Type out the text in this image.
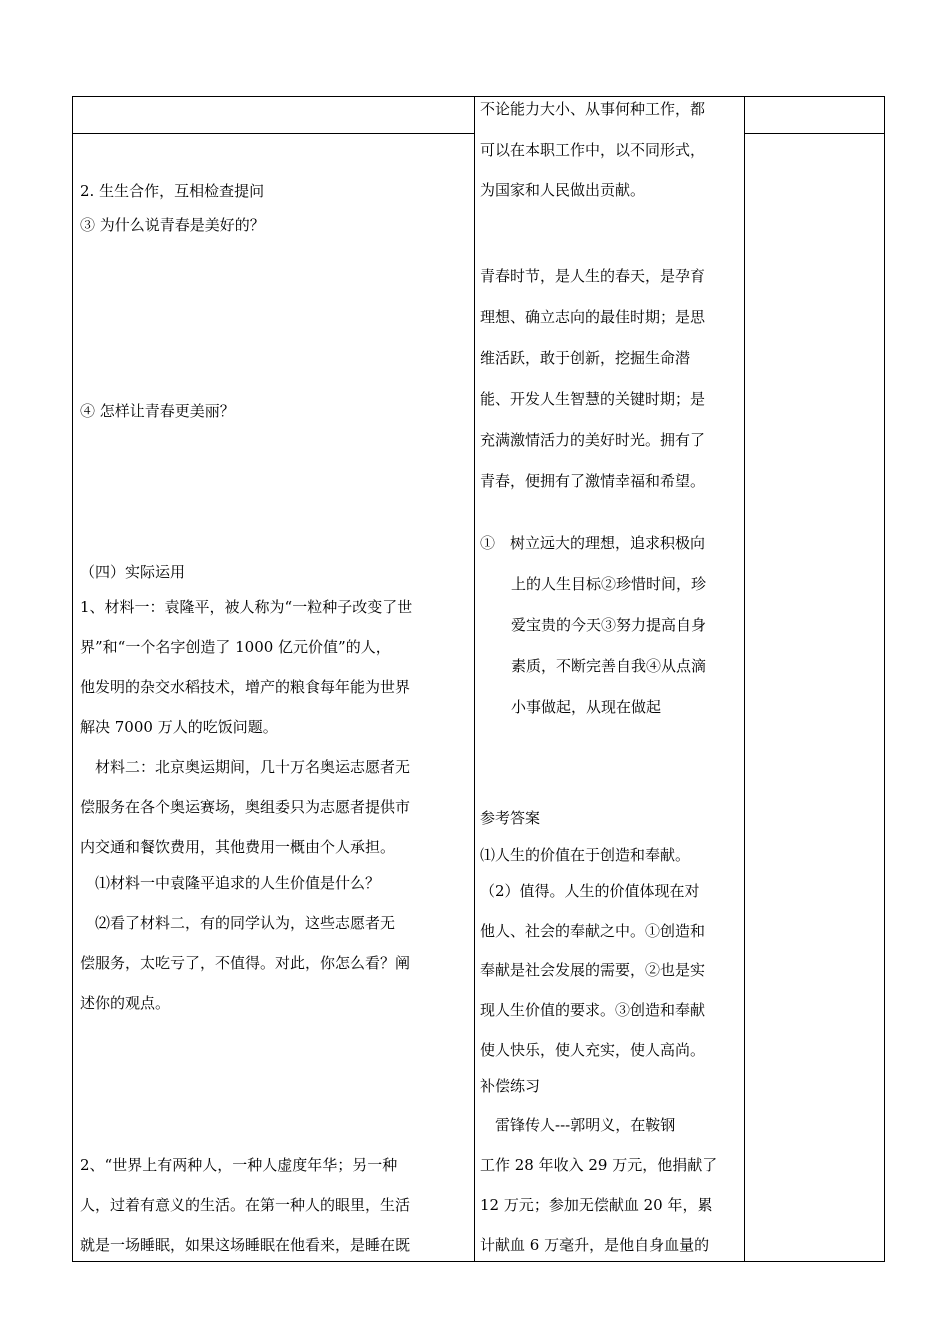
不论能力大小、从事何种工作，都
可以在本职工作中，以不同形式，
为国家和人民做出贡献。
青春时节，是人生的春天，是孕育
理想、确立志向的最佳时期；是思
维活跃，敢于创新，挖掘生命潜
能、开发人生智慧的关键时期；是
充满激情活力的美好时光。拥有了
青春，便拥有了激情幸福和希望。
①　树立远大的理想，追求积极向
上的人生目标②珍惜时间，珍
爱宝贵的今天③努力提高自身
素质，不断完善自我④从点滴
小事做起，从现在做起
参考答案
⑴人生的价值在于创造和奉献。
（2）值得。人生的价值体现在对
他人、社会的奉献之中。①创造和
奉献是社会发展的需要，②也是实
现人生价值的要求。③创造和奉献
使人快乐，使人充实，使人高尚。
补偿练习
　雷锋传人---郭明义，在鞍钢
工作 28 年收入 29 万元，他捐献了
12 万元；参加无偿献血 20 年，累
计献血 6 万毫升，是他自身血量的
2. 生生合作，互相检查提问
③ 为什么说青春是美好的？
④ 怎样让青春更美丽？
（四）实际运用
1、材料一：袁隆平，被人称为“一粒种子改变了世
界”和“一个名字创造了 1000 亿元价值”的人，
他发明的杂交水稻技术，增产的粮食每年能为世界
解决 7000 万人的吃饭问题。
　材料二：北京奥运期间，几十万名奥运志愿者无
偿服务在各个奥运赛场，奥组委只为志愿者提供市
内交通和餐饮费用，其他费用一概由个人承担。
　⑴材料一中袁隆平追求的人生价值是什么？
　⑵看了材料二，有的同学认为，这些志愿者无
偿服务，太吃亏了，不值得。对此，你怎么看？阐
述你的观点。
2、“世界上有两种人，一种人虚度年华；另一种
人，过着有意义的生活。在第一种人的眼里，生活
就是一场睡眠，如果这场睡眠在他看来，是睡在既
